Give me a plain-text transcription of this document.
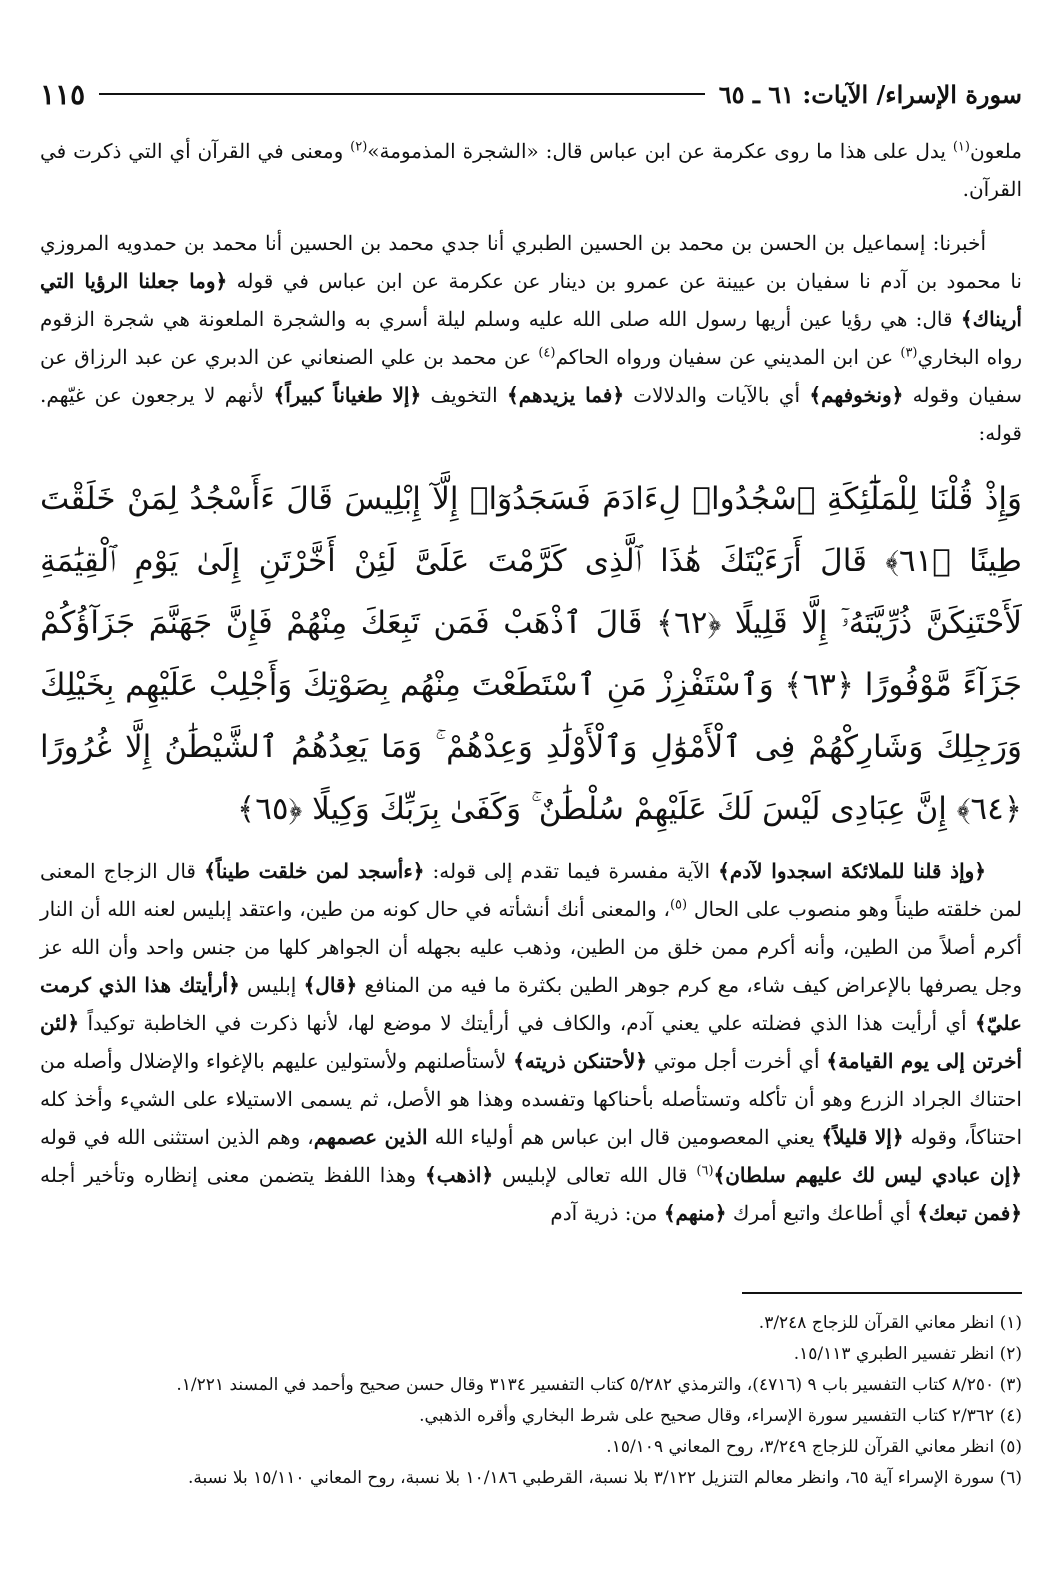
سورة الإسراء/ الآيات: ٦١ ـ ٦٥
١١٥

ملعون$^{(١)}$ يدل على هذا ما روى عكرمة عن ابن عباس قال: «الشجرة المذمومة»$^{(٢)}$ ومعنى في القرآن أي التي ذكرت في القرآن.

أخبرنا: إسماعيل بن الحسن بن محمد بن الحسين الطبري أنا جدي محمد بن الحسين أنا محمد بن حمدويه المروزي نا محمود بن آدم نا سفيان بن عيينة عن عمرو بن دينار عن عكرمة عن ابن عباس في قوله ﴿وما جعلنا الرؤيا التي أريناك﴾ قال: هي رؤيا عين أريها رسول الله صلى الله عليه وسلم ليلة أسري به والشجرة الملعونة هي شجرة الزقوم رواه البخاري$^{(٣)}$ عن ابن المديني عن سفيان ورواه الحاكم$^{(٤)}$ عن محمد بن علي الصنعاني عن الدبري عن عبد الرزاق عن سفيان وقوله ﴿ونخوفهم﴾ أي بالآيات والدلالات ﴿فما يزيدهم﴾ التخويف ﴿إلا طغياناً كبيراً﴾ لأنهم لا يرجعون عن غيّهم. قوله:

وَإِذْ قُلْنَا لِلْمَلَٰٓئِكَةِ ٱسْجُدُوا۟ لِءَادَمَ فَسَجَدُوٓا۟ إِلَّآ إِبْلِيسَ قَالَ ءَأَسْجُدُ لِمَنْ خَلَقْتَ طِينًا ﴿٦١﴾ قَالَ أَرَءَيْتَكَ هَٰذَا ٱلَّذِى كَرَّمْتَ عَلَىَّ لَئِنْ أَخَّرْتَنِ إِلَىٰ يَوْمِ ٱلْقِيَٰمَةِ لَأَحْتَنِكَنَّ ذُرِّيَّتَهُۥٓ إِلَّا قَلِيلًا ﴿٦٢﴾ قَالَ ٱذْهَبْ فَمَن تَبِعَكَ مِنْهُمْ فَإِنَّ جَهَنَّمَ جَزَآؤُكُمْ جَزَآءً مَّوْفُورًا ﴿٦٣﴾ وَٱسْتَفْزِزْ مَنِ ٱسْتَطَعْتَ مِنْهُم بِصَوْتِكَ وَأَجْلِبْ عَلَيْهِم بِخَيْلِكَ وَرَجِلِكَ وَشَارِكْهُمْ فِى ٱلْأَمْوَٰلِ وَٱلْأَوْلَٰدِ وَعِدْهُمْ ۚ وَمَا يَعِدُهُمُ ٱلشَّيْطَٰنُ إِلَّا غُرُورًا ﴿٦٤﴾ إِنَّ عِبَادِى لَيْسَ لَكَ عَلَيْهِمْ سُلْطَٰنٌ ۚ وَكَفَىٰ بِرَبِّكَ وَكِيلًا ﴿٦٥﴾

﴿وإذ قلنا للملائكة اسجدوا لآدم﴾ الآية مفسرة فيما تقدم إلى قوله: ﴿ءأسجد لمن خلقت طيناً﴾ قال الزجاج المعنى لمن خلقته طيناً وهو منصوب على الحال $^{(٥)}$، والمعنى أنك أنشأته في حال كونه من طين، واعتقد إبليس لعنه الله أن النار أكرم أصلاً من الطين، وأنه أكرم ممن خلق من الطين، وذهب عليه بجهله أن الجواهر كلها من جنس واحد وأن الله عز وجل يصرفها بالإعراض كيف شاء، مع كرم جوهر الطين بكثرة ما فيه من المنافع ﴿قال﴾ إبليس ﴿أرأيتك هذا الذي كرمت عليّ﴾ أي أرأيت هذا الذي فضلته علي يعني آدم، والكاف في أرأيتك لا موضع لها، لأنها ذكرت في الخاطبة توكيداً ﴿لئن أخرتن إلى يوم القيامة﴾ أي أخرت أجل موتي ﴿لأحتنكن ذريته﴾ لأستأصلنهم ولأستولين عليهم بالإغواء والإضلال وأصله من احتناك الجراد الزرع وهو أن تأكله وتستأصله بأحناكها وتفسده وهذا هو الأصل، ثم يسمى الاستيلاء على الشيء وأخذ كله احتناكاً، وقوله ﴿إلا قليلاً﴾ يعني المعصومين قال ابن عباس هم أولياء الله الذين عصمهم، وهم الذين استثنى الله في قوله ﴿إن عبادي ليس لك عليهم سلطان﴾$^{(٦)}$ قال الله تعالى لإبليس ﴿اذهب﴾ وهذا اللفظ يتضمن معنى إنظاره وتأخير أجله ﴿فمن تبعك﴾ أي أطاعك واتبع أمرك ﴿منهم﴾ من: ذرية آدم

(١) انظر معاني القرآن للزجاج ٣/٢٤٨.

(٢) انظر تفسير الطبري ١٥/١١٣.

(٣) ٨/٢٥٠ كتاب التفسير باب ٩ (٤٧١٦)، والترمذي ٥/٢٨٢ كتاب التفسير ٣١٣٤ وقال حسن صحيح وأحمد في المسند ١/٢٢١.

(٤) ٢/٣٦٢ كتاب التفسير سورة الإسراء، وقال صحيح على شرط البخاري وأقره الذهبي.

(٥) انظر معاني القرآن للزجاج ٣/٢٤٩، روح المعاني ١٥/١٠٩.

(٦) سورة الإسراء آية ٦٥، وانظر معالم التنزيل ٣/١٢٢ بلا نسبة، القرطبي ١٠/١٨٦ بلا نسبة، روح المعاني ١٥/١١٠ بلا نسبة.
